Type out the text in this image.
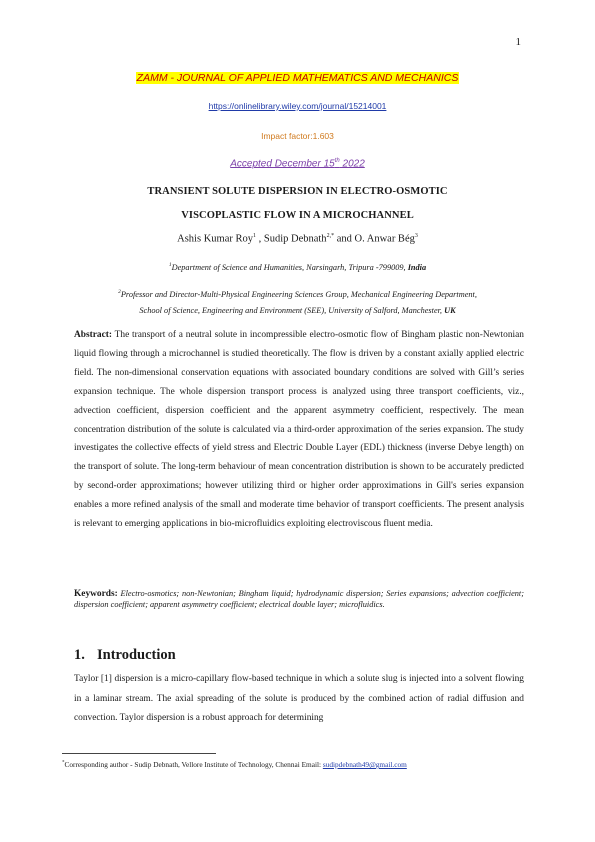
1
ZAMM - JOURNAL OF APPLIED MATHEMATICS AND MECHANICS
https://onlinelibrary.wiley.com/journal/15214001
Impact factor:1.603
Accepted December 15th 2022
TRANSIENT SOLUTE DISPERSION IN ELECTRO-OSMOTIC
VISCOPLASTIC FLOW IN A MICROCHANNEL
Ashis Kumar Roy$^1$ , Sudip Debnath$^{2,*}$ and O. Anwar Bég$^3$
$^1$Department of Science and Humanities, Narsingarh, Tripura -799009, India
$^2$Professor and Director-Multi-Physical Engineering Sciences Group, Mechanical Engineering Department,
School of Science, Engineering and Environment (SEE), University of Salford, Manchester, UK
Abstract: The transport of a neutral solute in incompressible electro-osmotic flow of Bingham plastic non-Newtonian liquid flowing through a microchannel is studied theoretically. The flow is driven by a constant axially applied electric field. The non-dimensional conservation equations with associated boundary conditions are solved with Gill’s series expansion technique. The whole dispersion transport process is analyzed using three transport coefficients, viz., advection coefficient, dispersion coefficient and the apparent asymmetry coefficient, respectively. The mean concentration distribution of the solute is calculated via a third-order approximation of the series expansion. The study investigates the collective effects of yield stress and Electric Double Layer (EDL) thickness (inverse Debye length) on the transport of solute. The long-term behaviour of mean concentration distribution is shown to be accurately predicted by second-order approximations; however utilizing third or higher order approximations in Gill's series expansion enables a more refined analysis of the small and moderate time behavior of transport coefficients. The present analysis is relevant to emerging applications in bio-microfluidics exploiting electroviscous fluent media.
Keywords: Electro-osmotics; non-Newtonian; Bingham liquid; hydrodynamic dispersion; Series expansions; advection coefficient; dispersion coefficient; apparent asymmetry coefficient; electrical double layer; microfluidics.
1. Introduction
Taylor [1] dispersion is a micro-capillary flow-based technique in which a solute slug is injected into a solvent flowing in a laminar stream. The axial spreading of the solute is produced by the combined action of radial diffusion and convection. Taylor dispersion is a robust approach for determining
*Corresponding author - Sudip Debnath, Vellore Institute of Technology, Chennai Email: sudipdebnath49@gmail.com
